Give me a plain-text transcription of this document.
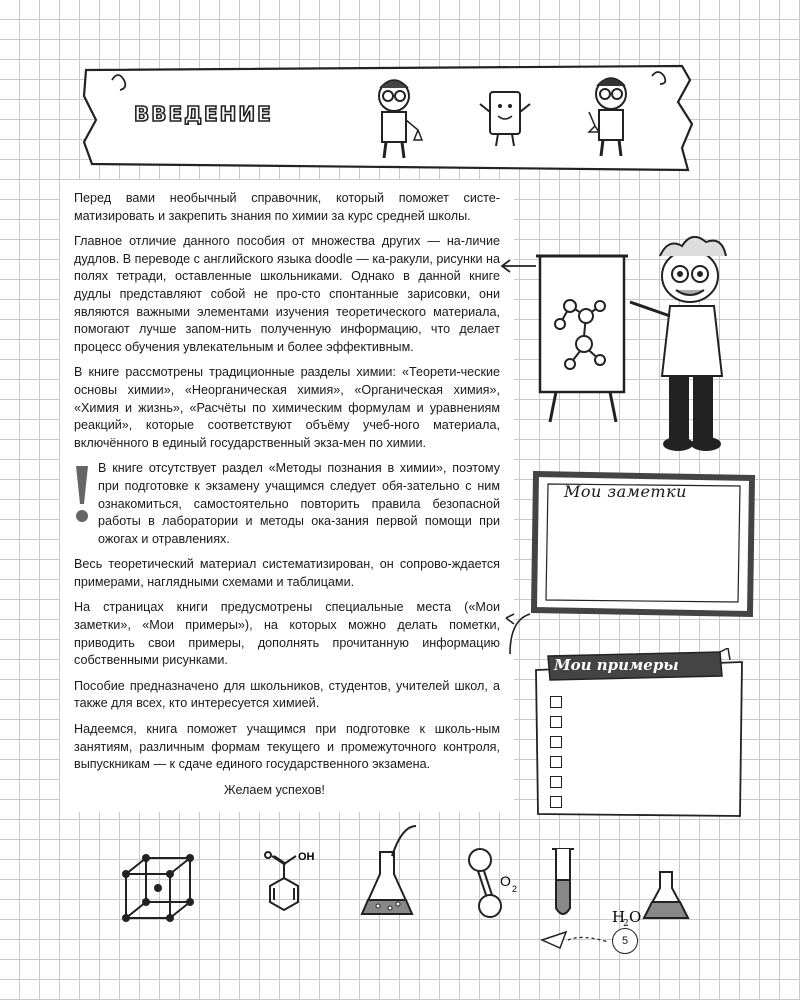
ВВЕДЕНИЕ

Перед вами необычный справочник, который поможет систе-матизировать и закрепить знания по химии за курс средней школы.

Главное отличие данного пособия от множества других — на-личие дудлов. В переводе с английского языка doodle — ка-ракули, рисунки на полях тетради, оставленные школьниками. Однако в данной книге дудлы представляют собой не про-сто спонтанные зарисовки, они являются важными элементами изучения теоретического материала, помогают лучше запом-нить полученную информацию, что делает процесс обучения увлекательным и более эффективным.

В книге рассмотрены традиционные разделы химии: «Теорети-ческие основы химии», «Неорганическая химия», «Органическая химия», «Химия и жизнь», «Расчёты по химическим формулам и уравнениям реакций», которые соответствуют объёму учеб-ного материала, включённого в единый государственный экза-мен по химии.

В книге отсутствует раздел «Методы познания в химии», поэтому при подготовке к экзамену учащимся следует обя-зательно с ним ознакомиться, самостоятельно повторить правила безопасной работы в лаборатории и методы ока-зания первой помощи при ожогах и отравлениях.

Весь теоретический материал систематизирован, он сопрово-ждается примерами, наглядными схемами и таблицами.

На страницах книги предусмотрены специальные места («Мои заметки», «Мои примеры»), на которых можно делать пометки, приводить свои примеры, дополнять прочитанную информацию собственными рисунками.

Пособие предназначено для школьников, студентов, учителей школ, а также для всех, кто интересуется химией.

Надеемся, книга поможет учащимся при подготовке к школь-ным занятиям, различным формам текущего и промежуточного контроля, выпускникам — к сдаче единого государственного экзамена.

Желаем успехов!

Мои заметки
Мои примеры
OH
O 2
H
2 O
5
